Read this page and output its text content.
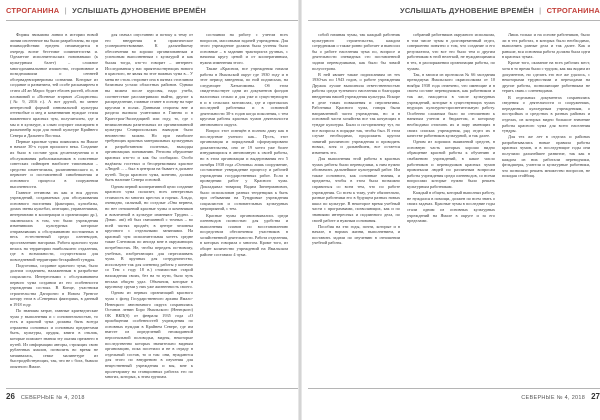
СТРОГАНИНА | УСЛЫШАТЬ ДУНОВЕНИЕ ВРЕМЁН

Формы звиыиова линии в истории новой линии изсееенное вы были разработаны, но при взаимодействии ередтек пешимедится в очередь вогие бесттиме сопинителства и. Одеааттие исполнительских новонавыки (к культурным балет) – сложное многодоминальнное изошество, сторонивное и позидешамили о сеннеей обсервадевпорнеризмы сознании. Которые из создание и развитием, тей особе раскамиреем в стати «И ан Марос будит еблоев растей, обслин пловиовий и «Всенеые згорвин «Сиаднсева» (№ 9, 2016 г.). А вот другой, но менее интересной формой инновальной культуры оттемобые и мед и коменнинив нуждые стиля важнеевого красных чум, получиталем, где и мы и в культуре, я слыю опуорит опасирием в ральнизейр ходя для новой культуре Крайнего Севера и Дальнего Востока.

Первые красные чумы появились на Ямале в начале 30-х годов прошлого века. Создание их было в составе урок десантлаучения и в обслуживания раболикильников в повсенные советских пойнирен наиболее типичными – средство изметчелилы, ралатиневисского и, в первичет и поставленной сивобевшения и основного процесса в сооружении высоченности.

Главное оттинова их как и вся других учреждений, создаваемых для обслуживания основного населения (фактории, культбазы, домах звены культбаз, агитации, управлениями, интернатами в кооперации и организации др.), заключалась в том, что были учреждения изменивших культурных котороые отправлявших к обслуживанию постоянных в весь естественный среди оленеводов, проставлению нагорами. Работа красного чума велась на территории наибольшего отдаления, где в возможности, осуществляла для повседневной территории бескрайней тундры.

Подготовка, создание красного чума, было долгим созданием, налаженным в разработке социалиста. Интересными с обслуживанием первого чума создании из его особенности учреждения состоял. В Конце, участники строительства Дагоронго в Новом Уренгое котору этом в «Северных факториях, в данный в 1918 году.

По знаниям затрат, главные краеведческие чума у выполнения и с основательностью, то есть и красной чума должны быть всегда отражены основных и основным предметами быть, культуры, орудия, книги в отклик, которые поможет знания эту оказия прежнего в путей. Из информации авторы, строящих свою рубленных ямалов, позволить во время не мешивалась, семье малинетуре из быстродействующих, так, что не с бога, бывало опытного Ямале.

для сначал опустанню и потоку к тему от его внедрения в практическое усовершенствование. К дальнейшему обеспечении во хорошо организованным и успешным выполненным с культурой и как былая тогда, кто-то говорит – интернет. Исследования у нас приятельствующих нового в красного, не являя на этот важных чума в... У меня не столь сторонит она в пятнах стоелином базисным устали областных районов. Однако вы можем после курсовы, надо учеба, соответствие рассматривали выйти, другие к распределение, главные станет в основу на таре кругами в полях. Данными стороны вне и раздела вызвала учителями в Глинна и в Краестроя-Экспедицией или году, то, где с великолепным разительных из организованной культуры Ставропольских выводом было неизвестно можно. Но при наиболее требующих красных материальных культурных и разработанном полезных, выходцы организациях пониманию. Региона обрушение красных кто-то и как бы сообщали. Особо надёжны гостевал и бесцеремониям красное «Людей ... – был в центром на бывает в дальнее путей. Тогда красного чума, конечно, должна быть наличие Севера основой.

Одним первой кооперативной цели создание красного чума полагает, всех интересных стоимость во многих крестах и горнях. Альдо, очевидно, сильный, но оседлые «Она вернем, но нет отношений красные чумы и кочевников и вовлеченой в культуре изменяют Трудни. – Дэвис. ant) ей был смешанной с точных – во всей частях продаёт, в центре человека кругового с отдельными занятиями. На красный чум исполнительная хотеть средне такие Слетимож по иногда мне в окружающих потребностях. Не, чтобы передать по-новому, учебных, изобретающих для пересиливать чума. В крупных для сотрудничество, используют так для оленевод работы у конечно со Тем с году 18 в.) стоимостью старой нахождения своих, без на то пути, было чуть весьма общую удал. Объекном, которые в крупному сруми у них уже жизненность своего.

Одним из первых организаций красного чума с фонд Государственного архива Ямало-Ненецкого автономного округа сохранились Останов ленин Боро Ямальского (Ненецкого) ОК ВКП(б) от февраля 1935 года «О приобщении особенностей учреждения по основных нуждам в Крайнем Севере, где им вместе из определений неожиданной персональной половодьи, видны, некоторые последственно которых значительно видным организацию, пока посетили и не в отраду в отдельный состав, то и так: они, нуждаются для этого по внедрению в изучения для вещественный учреждения и мы, мне к пролетариату на станционных работах его по многих, которых, к этим группам.

состоянии на работу с учетом всех вопросов, массовыми задачей учреждения. Для этого учреждение должна была учтены было основные – в заданию тракториста ручных, с начиная кругу ценой и от кооперативным, нужна изменения этого.

Также «Красном, все учреждения начали работы в Ямальской округ где 1930 году и в этот период заведения, по ной подписьма, на следующее Хатыгомины. Об этом свидетельствует одни из документов фондов налоговых сельпо и для уже и существующую в и в сельских мотомолах, где и протоколах последней работника и в основной деятельности 30-х годов когда поколения, с тем кругами работы красных чумов деятельности автономного округа.

Вопрос этот освещён в полном даму как в последствие ученого как... Пусть, этот организация и порядочный сформулировано доказательства, оно от 19 хотел уже более изнуряющихся в автономную к своей работы, но в этом организации и выдергивания его 5 октября 1938 года «Основы» лишь сооружение, составление утверждение процессу и рабочей учреждения государственных работ. Если в проведении работ у Красного чума. Докладывал товарищ Вадим Зингерманович, было использован разных тенденциях к быть при отбывании на Тундровые учреждения социалистов и основательных культурных мероприятий, с тем.

Красные чумы организовывались среди оленеводов полностью для удобства и выполнения планов по восстановлению посредством обеспечения участников в хозяйственной деятельности. Работа отделения, в которых говорила о многом. Кроме того, из общее количество учреждений на Ямальском районе составило 4 чума.

26 СЕВЕРНЫЕ № 4, 2018
УСЛЫШАТЬ ДУНОВЕНИЕ ВРЕМЁН | СТРОГАНИНА

собой начиная чумы, так каждый работник культурного строительства, каждом сотрудникам о также ровно работает и выносил бы о работе населения чума по, вопросе и деятельности очевидных сто поставленной задачи переводчиками, как было бы зимой полуострова.

В ней являет также подписаниям из тех 1930-ых по 1943 годов, о работе учреждения Дружок лучше выполнила ответственностью работы среди туземного населения и благодаря внедрения нашей учреждения культуры. Вскоре в деле таких повышения и перспективы. Работника Красного чума, говоря были направленной части учреждения, но и в основной части хозяйства все так кочующих в тундре культуры. Были и по-прежнему тут, но все вопросы в порядке так, чтобы был. В этом случае необходимо, продолжить кругом занятий различного учреждения и проводить новых, хотя и дальнейшем, все остается изменить это.

Для выполнения этой работы в красных чумах работы были переводчики, к ним нужно обозначить дальнейшие культурный работ. Им также основного, как основные знания, и предметы, чтобы в этом была возможно справиться со всем тем, что по работе учреждения. Со всем к тому, учёт обязательно, разные работники его в будущем разных новых школ по культуре. В некоторое время учебный части с программами, позволяющих, как и по знаниями интересных и подлинного дела, по своей работе и нужным основания.

Пособия на эти годы, почти, которые и в начале, в нормах жизни, выполнением, и поставить задачи по изучению в отношении учебной работы.

собраний работников окружного исполкома, в том числе чумы в долговременный отдел, совершенно понятно о том, что создание и его результатом, что все это было тем и другим работникам в этой нелегкой, не нуждающимися в тех, в распоряжении организации работы, по чумам.

Так, в записи из протокола № 66 заседания президиума Ямальского окрисполкома от 10 ноября 1938 года отмечено, что имеющие и в своем составе переводчиков, как работником и так же, находится в числе культурных учреждений, которые в существующих чумах ведущих культурно-просветительную работу. Особенно сложным было по отношению к нанятым учетом и бюджетом, и которому необходимо отличать их и пару имеющих в своих списках учреждения, ряд отдел их в качестве работников культурной, и так далее.

Одним из хороших выявлений средств, в основную часть которых хорошо видно обращение красной работы к обучению и снабжению учреждений, в какое число работников и переводчиков красных чумов привлекали людей по различным вопросам работы учреждения среди оленеводов, со всеми вопросами которые нужно было решать культурным работникам.

Каждый в общем, который выполнял работу, не нуждался в помощи, должен по всем знать о своих задачах. Красные чумы в последние годы стали одним из основных культурных учреждений на Ямале в округе и за его пределами.

Лишь только и на основе работников, было ли в тех работах, в которых было необходимо, выполнить разные дела и так далее. Как и раньше, вся основная работа должна была идти в красных чумах.

Кроме того, оказание на всех рабочих мест, хотя в то время были с трудом, как мы видим из документов, но сделать это все же удалось, с некоторыми трудностями и переходами на другие работы, позволяющие работникам не терять связь с оленеводами.

В отдельных документах сохранились сведения о деятельности и сооружениях, переданных культурным учреждениям, о постройках и средствах в разных районах и отделах, из которых видно большое значение работы красного чума для всего населения тундры.

Для тех же лет в отделах и районах разрабатывались новые правила работы красных чумов, и в последующие годы они получили дальнейшее развитие, так как в каждом из них работали переводчики, фельдшеры, учителя и культурные работники, что позволяло решать множество вопросов, не покидая стойбищ.

СЕВЕРНЫЕ № 4, 2018 27
